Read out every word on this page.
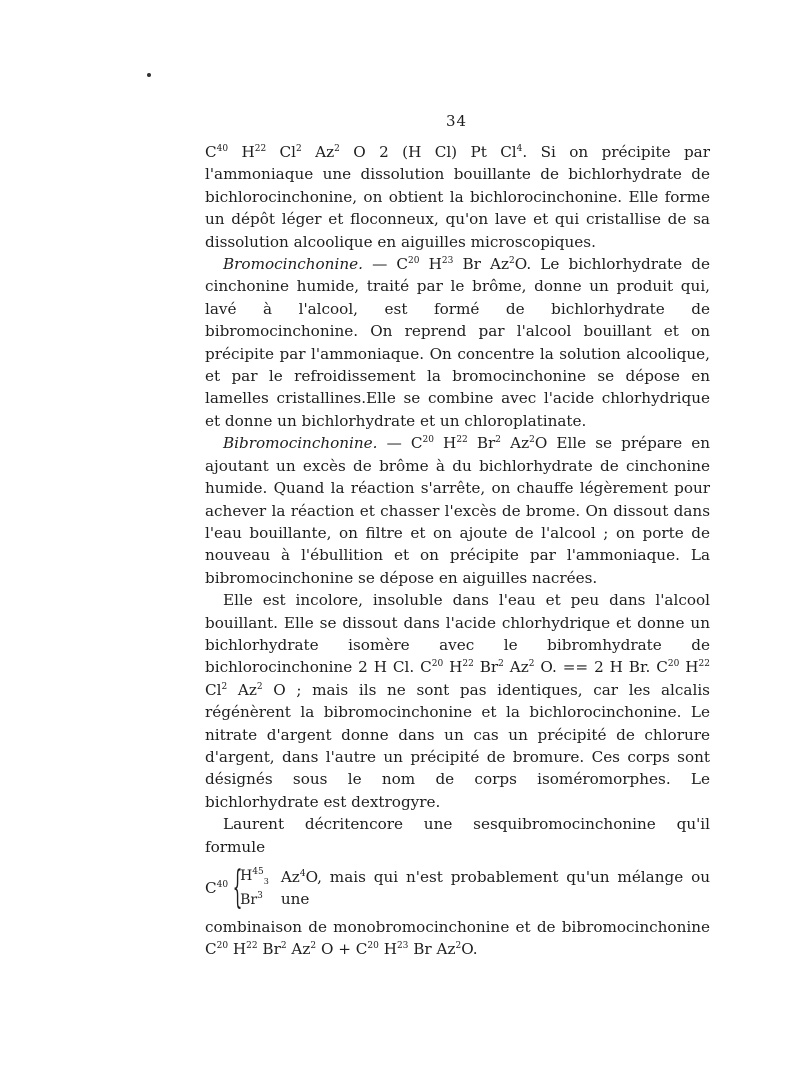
34

$C^{40}$ $H^{22}$ Cl$^2$ Az$^2$ O 2 (H Cl) Pt Cl$^4$. Si on précipite par l'ammoniaque une dissolution bouillante de bichlorhydrate de bichlorocinchonine, on obtient la bichlorocinchonine. Elle forme un dépôt léger et floconneux, qu'on lave et qui cristallise de sa dissolution alcoolique en aiguilles microscopiques.

Bromocinchonine. — $C^{20}$ $H^{23}$ Br Az$^2$O. Le bichlorhydrate de cinchonine humide, traité par le brôme, donne un produit qui, lavé à l'alcool, est formé de bichlorhydrate de bibromocinchonine. On reprend par l'alcool bouillant et on précipite par l'ammoniaque. On concentre la solution alcoolique, et par le refroidissement la bromocinchonine se dépose en lamelles cristallines.Elle se combine avec l'acide chlorhydrique et donne un bichlorhydrate et un chloroplatinate.

Bibromocinchonine. — $C^{20}$ $H^{22}$ Br$^2$ Az$^2$O Elle se prépare en ajoutant un excès de brôme à du bichlorhydrate de cinchonine humide. Quand la réaction s'arrête, on chauffe légèrement pour achever la réaction et chasser l'excès de brome. On dissout dans l'eau bouillante, on filtre et on ajoute de l'alcool ; on porte de nouveau à l'ébullition et on précipite par l'ammoniaque. La bibromocinchonine se dépose en aiguilles nacrées.

Elle est incolore, insoluble dans l'eau et peu dans l'alcool bouillant. Elle se dissout dans l'acide chlorhydrique et donne un bichlorhydrate isomère avec le bibromhydrate de bichlorocinchonine 2 H Cl. $C^{20}$ $H^{22}$ Br$^2$ Az$^2$ O. == 2 H Br. $C^{20}$ $H^{22}$ Cl$^2$ Az$^2$ O ; mais ils ne sont pas identiques, car les alcalis régénèrent la bibromocinchonine et la bichlorocinchonine. Le nitrate d'argent donne dans un cas un précipité de chlorure d'argent, dans l'autre un précipité de bromure. Ces corps sont désignés sous le nom de corps isoméromorphes. Le bichlorhydrate est dextrogyre.

Laurent décritencore une sesquibromocinchonine qu'il formule

$C^{40}$ {
$H^{45}_3$
Br$^3$
Az$^4$O, mais qui n'est probablement qu'un mélange ou une

combinaison de monobromocinchonine et de bibromocinchonine $C^{20}$ $H^{22}$ Br$^2$ Az$^2$ $O + C^{20}$ $H^{23}$ Br Az$^2$O.
